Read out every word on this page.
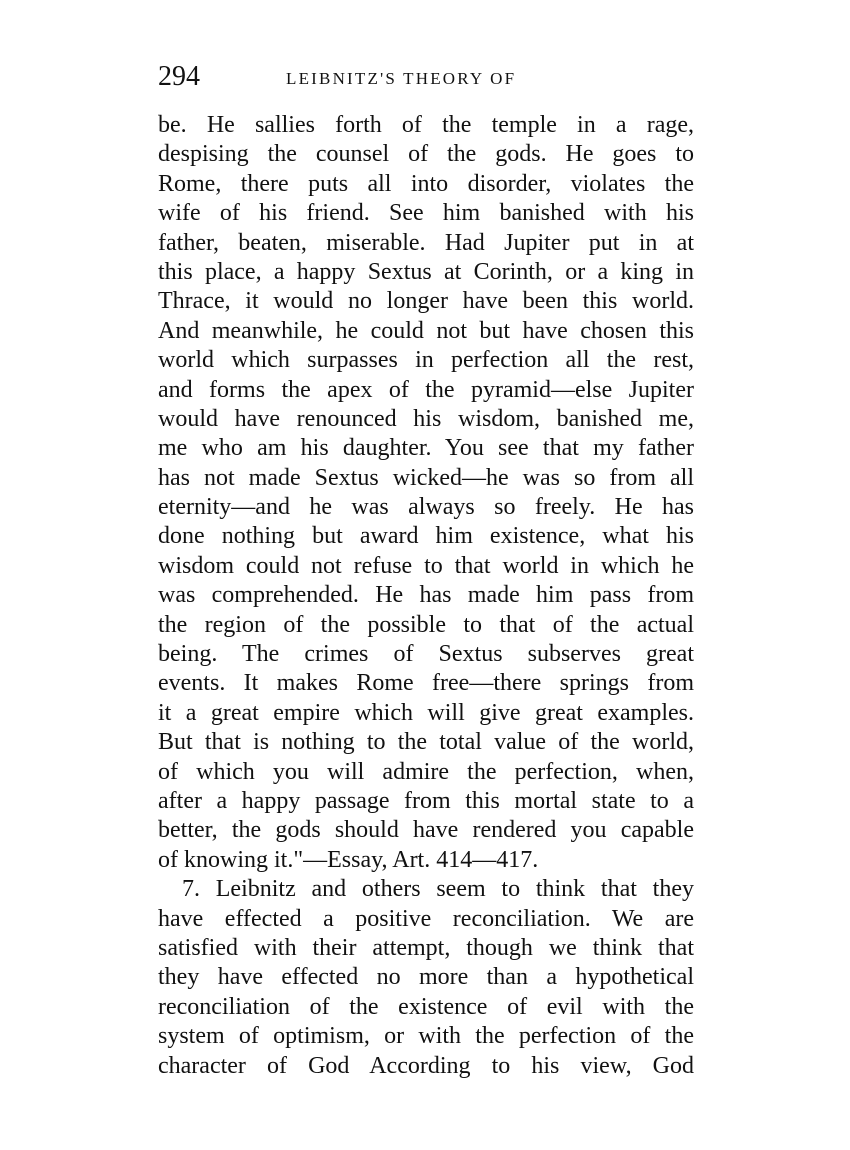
294	LEIBNITZ'S THEORY OF
be. He sallies forth of the temple in a rage,
despising the counsel of the gods. He goes to
Rome, there puts all into disorder, violates the
wife of his friend. See him banished with his
father, beaten, miserable. Had Jupiter put in at
this place, a happy Sextus at Corinth, or a king in
Thrace, it would no longer have been this world.
And meanwhile, he could not but have chosen this
world which surpasses in perfection all the rest,
and forms the apex of the pyramid—else Jupiter
would have renounced his wisdom, banished me,
me who am his daughter. You see that my father
has not made Sextus wicked—he was so from all
eternity—and he was always so freely. He has
done nothing but award him existence, what his
wisdom could not refuse to that world in which he
was comprehended. He has made him pass from
the region of the possible to that of the actual
being. The crimes of Sextus subserves great
events. It makes Rome free—there springs from
it a great empire which will give great examples.
But that is nothing to the total value of the world,
of which you will admire the perfection, when,
after a happy passage from this mortal state to a
better, the gods should have rendered you capable
of knowing it."—Essay, Art. 414—417.
7. Leibnitz and others seem to think that they
have effected a positive reconciliation. We are
satisfied with their attempt, though we think that
they have effected no more than a hypothetical
reconciliation of the existence of evil with the
system of optimism, or with the perfection of the
character of God According to his view, God
